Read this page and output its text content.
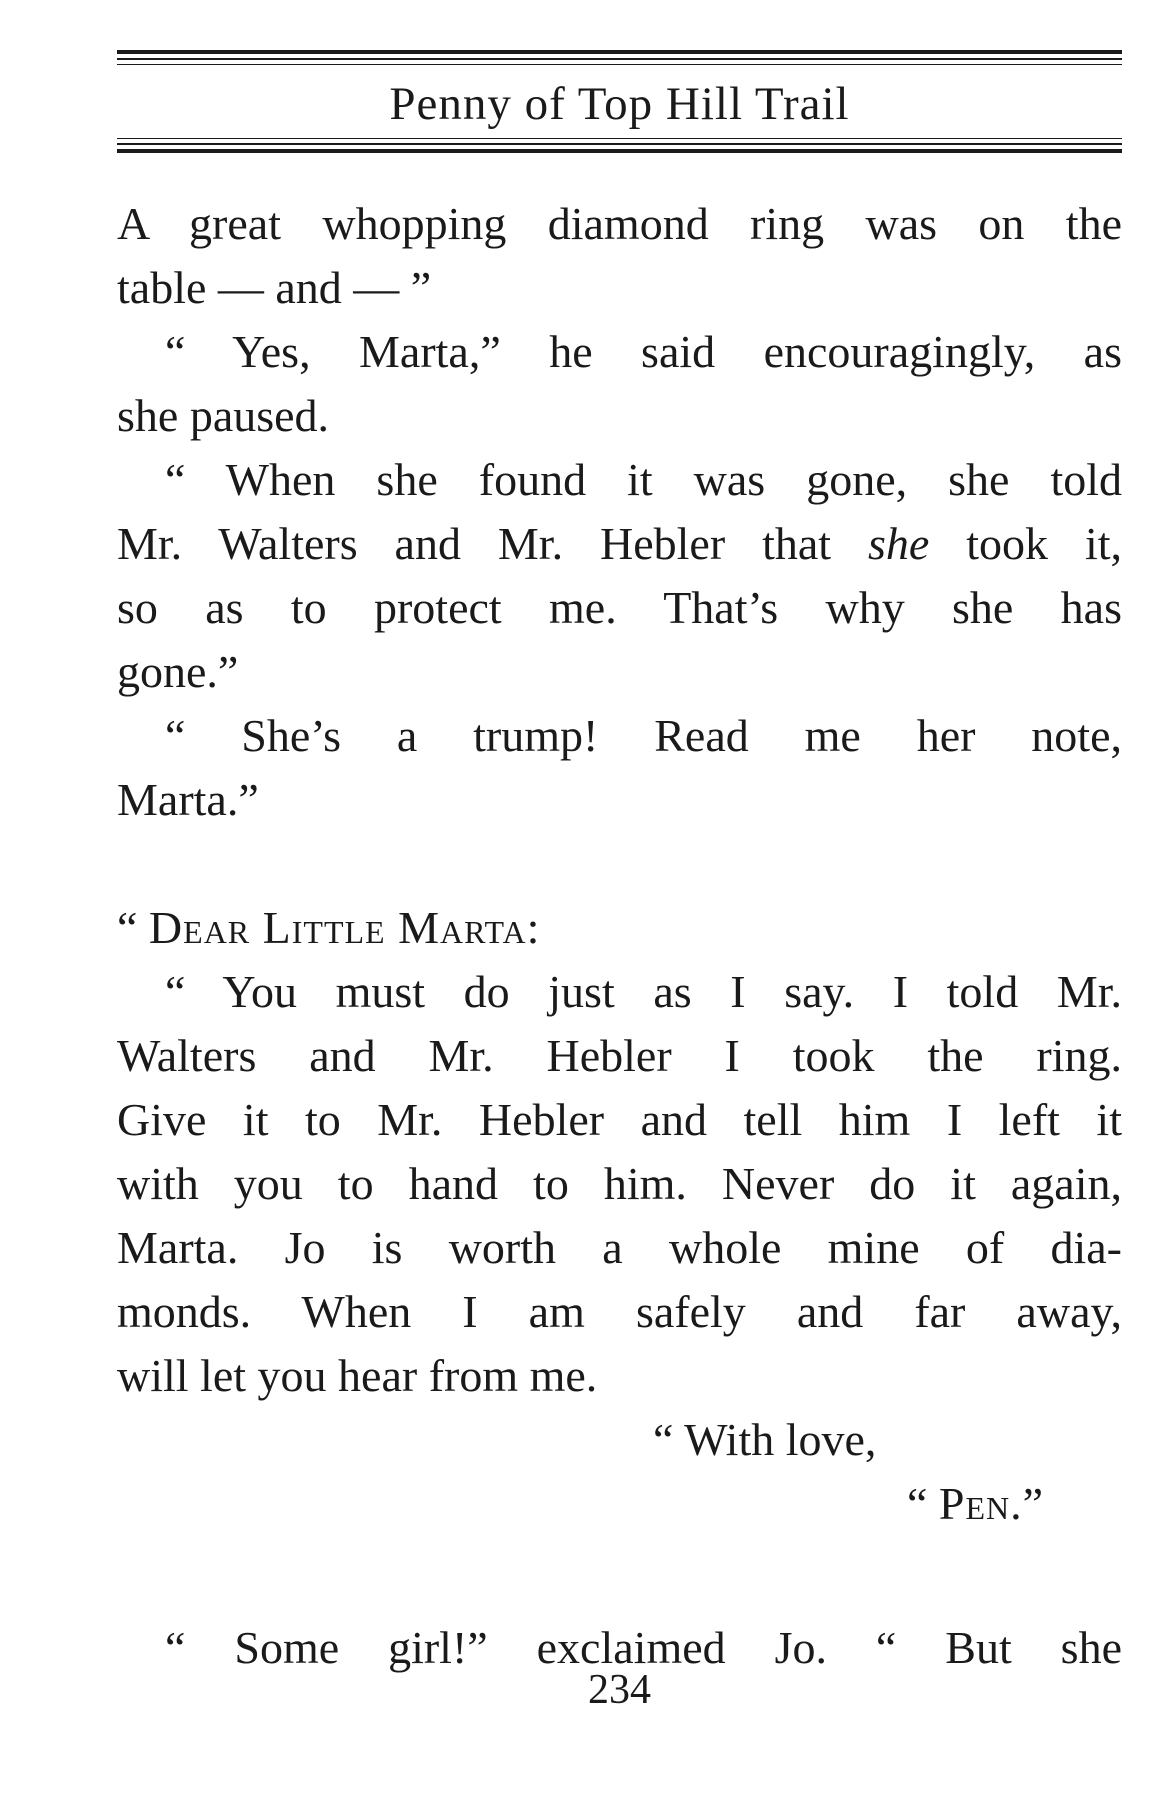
Penny of Top Hill Trail
A great whopping diamond ring was on the
table — and — ”
“ Yes, Marta,” he said encouragingly, as
she paused.
“ When she found it was gone, she told
Mr. Walters and Mr. Hebler that she took it,
so as to protect me. That’s why she has
gone.”
“ She’s a trump! Read me her note,
Marta.”
“ Dear Little Marta:
“ You must do just as I say. I told Mr.
Walters and Mr. Hebler I took the ring.
Give it to Mr. Hebler and tell him I left it
with you to hand to him. Never do it again,
Marta. Jo is worth a whole mine of dia-
monds. When I am safely and far away,
will let you hear from me.
“ With love,
“ Pen.”
“ Some girl!” exclaimed Jo. “ But she
234
